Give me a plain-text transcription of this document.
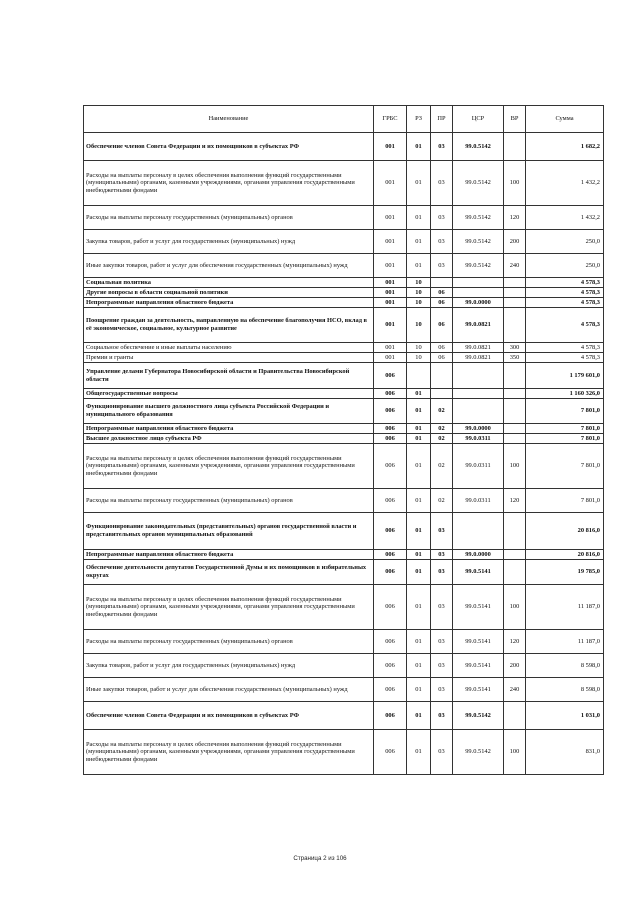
Наименование	ГРБС	РЗ	ПР	ЦСР	ВР	Сумма
Обеспечение членов Совета Федерации и их помощников в субъектах РФ	001	01	03	99.0.5142		1 682,2
Расходы на выплаты персоналу в целях обеспечения выполнения функций государственными (муниципальными) органами, казенными учреждениями, органами управления государственными внебюджетными фондами	001	01	03	99.0.5142	100	1 432,2
Расходы на выплаты персоналу государственных (муниципальных) органов	001	01	03	99.0.5142	120	1 432,2
Закупка товаров, работ и услуг для государственных (муниципальных) нужд	001	01	03	99.0.5142	200	250,0
Иные закупки товаров, работ и услуг для обеспечения государственных (муниципальных) нужд	001	01	03	99.0.5142	240	250,0
Социальная политика	001	10				4 578,3
Другие вопросы в области социальной политики	001	10	06			4 578,3
Непрограммные направления областного бюджета	001	10	06	99.0.0000		4 578,3
Поощрение граждан за деятельность, направленную на обеспечение благополучия НСО, вклад в её экономическое, социальное, культурное развитие	001	10	06	99.0.0821		4 578,3
Социальное обеспечение и иные выплаты населению	001	10	06	99.0.0821	300	4 578,3
Премии и гранты	001	10	06	99.0.0821	350	4 578,3
Управление делами Губернатора Новосибирской области и Правительства Новосибирской области	006					1 179 601,0
Общегосударственные вопросы	006	01				1 160 326,0
Функционирование высшего должностного лица субъекта Российской Федерации и муниципального образования	006	01	02			7 801,0
Непрограммные направления областного бюджета	006	01	02	99.0.0000		7 801,0
Высшее должностное лицо субъекта РФ	006	01	02	99.0.0311		7 801,0
Расходы на выплаты персоналу в целях обеспечения выполнения функций государственными (муниципальными) органами, казенными учреждениями, органами управления государственными внебюджетными фондами	006	01	02	99.0.0311	100	7 801,0
Расходы на выплаты персоналу государственных (муниципальных) органов	006	01	02	99.0.0311	120	7 801,0
Функционирование законодательных (представительных) органов государственной власти и представительных органов муниципальных образований	006	01	03			20 816,0
Непрограммные направления областного бюджета	006	01	03	99.0.0000		20 816,0
Обеспечение деятельности депутатов Государственной Думы и их помощников в избирательных округах	006	01	03	99.0.5141		19 785,0
Расходы на выплаты персоналу в целях обеспечения выполнения функций государственными (муниципальными) органами, казенными учреждениями, органами управления государственными внебюджетными фондами	006	01	03	99.0.5141	100	11 187,0
Расходы на выплаты персоналу государственных (муниципальных) органов	006	01	03	99.0.5141	120	11 187,0
Закупка товаров, работ и услуг для государственных (муниципальных) нужд	006	01	03	99.0.5141	200	8 598,0
Иные закупки товаров, работ и услуг для обеспечения государственных (муниципальных) нужд	006	01	03	99.0.5141	240	8 598,0
Обеспечение членов Совета Федерации и их помощников в субъектах РФ	006	01	03	99.0.5142		1 031,0
Расходы на выплаты персоналу в целях обеспечения выполнения функций государственными (муниципальными) органами, казенными учреждениями, органами управления государственными внебюджетными фондами	006	01	03	99.0.5142	100	831,0
Страница 2 из 106
